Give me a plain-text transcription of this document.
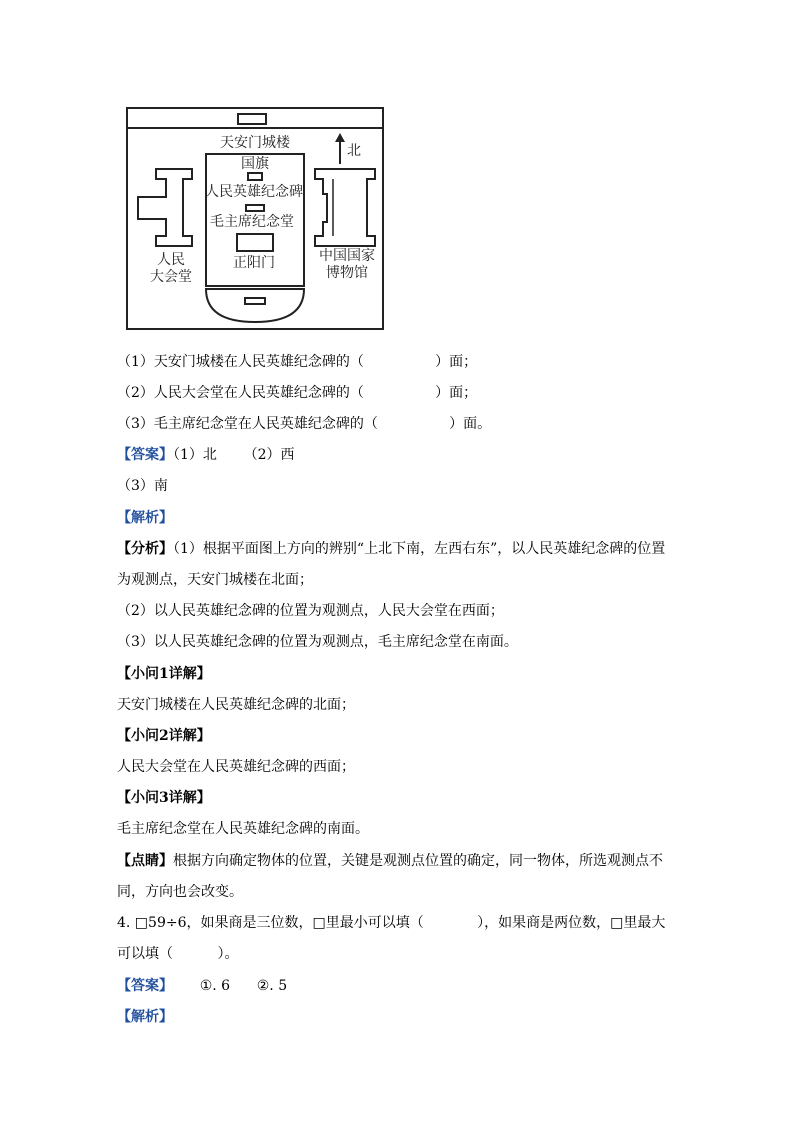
北
天安门城楼
国旗
人民英雄纪念碑
毛主席纪念堂
正阳门
人民
大会堂
中国国家
博物馆
（1）天安门城楼在人民英雄纪念碑的（	）面；
（2）人民大会堂在人民英雄纪念碑的（	）面；
（3）毛主席纪念堂在人民英雄纪念碑的（	）面。
【答案】（1）北      （2）西
（3）南
【解析】
【分析】（1）根据平面图上方向的辨别“上北下南，左西右东”，以人民英雄纪念碑的位置
为观测点，天安门城楼在北面；
（2）以人民英雄纪念碑的位置为观测点，人民大会堂在西面；
（3）以人民英雄纪念碑的位置为观测点，毛主席纪念堂在南面。
【小问1详解】
天安门城楼在人民英雄纪念碑的北面；
【小问2详解】
人民大会堂在人民英雄纪念碑的西面；
【小问3详解】
毛主席纪念堂在人民英雄纪念碑的南面。
【点睛】根据方向确定物体的位置，关键是观测点位置的确定，同一物体，所选观测点不
同，方向也会改变。
4. □59÷6，如果商是三位数，□里最小可以填（            ），如果商是两位数，□里最大
可以填（          ）。
【答案】      ①. 6      ②. 5
【解析】
